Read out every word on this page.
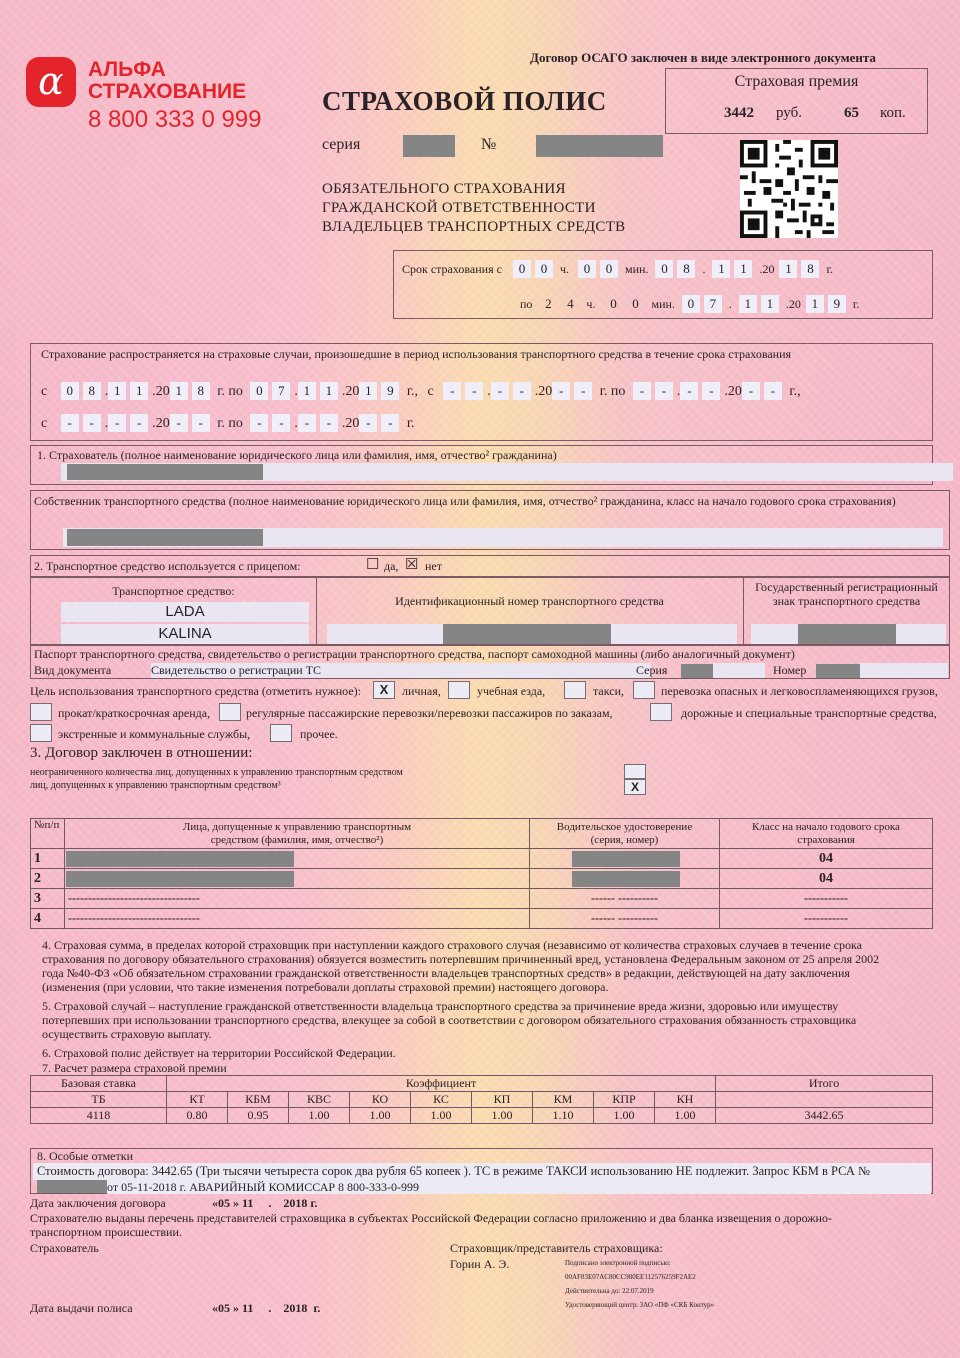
α АЛЬФА
СТРАХОВАНИЕ
8 800 333 0 999
Договор ОСАГО заключен в виде электронного документа
Страховая премия
3442 руб.	65 коп.
СТРАХОВОЙ ПОЛИС
серия	№
ОБЯЗАТЕЛЬНОГО СТРАХОВАНИЯ
ГРАЖДАНСКОЙ ОТВЕТСТВЕННОСТИ
ВЛАДЕЛЬЦЕВ ТРАНСПОРТНЫХ СРЕДСТВ
Срок страхования с 0 0 ч. 0 0 мин. 0 8 . 1 1 .20 1 8 г.
по 2 4 ч. 0 0 мин. 0 7 . 1 1 .20 1 9 г.
Страхование распространяется на страховые случаи, произошедшие в период использования транспортного средства в течение срока страхования
с 0 8 . 1 1 .20 1 8 г. по 0 7 . 1 1 .20 1 9 г., с - - . - - .20 - - г. по - - . - - .20 - - г.,
с - - . - - .20 - - г. по - - . - - .20 - - г.
1. Страхователь (полное наименование юридического лица или фамилия, имя, отчество² гражданина)
Собственник транспортного средства (полное наименование юридического лица или фамилия, имя, отчество² гражданина, класс на начало годового срока страхования)
2. Транспортное средство используется с прицепом:	☐ да, ☒ нет
Транспортное средство:
LADA
KALINA
Идентификационный номер транспортного средства
Государственный регистрационный знак транспортного средства
Паспорт транспортного средства, свидетельство о регистрации транспортного средства, паспорт самоходной машины (либо аналогичный документ)
Вид документа	Свидетельство о регистрации ТС	Серия	Номер
Цель использования транспортного средства (отметить нужное):	X	личная,	учебная езда,	такси,	перевозка опасных и легковоспламеняющихся грузов,
прокат/краткосрочная аренда,	регулярные пассажирские перевозки/перевозки пассажиров по заказам,	дорожные и специальные транспортные средства,
экстренные и коммунальные службы,	прочее.
3. Договор заключен в отношении:
неограниченного количества лиц, допущенных к управлению транспортным средством
лиц, допущенных к управлению транспортным средством³	X
№п/п	Лица, допущенные к управлению транспортным средством (фамилия, имя, отчество²)	Водительское удостоверение (серия, номер)	Класс на начало годового срока страхования
1			04
2			04
3	---------------------------------	------ ----------	-----------
4	---------------------------------	------ ----------	-----------
4. Страховая сумма, в пределах которой страховщик при наступлении каждого страхового случая (независимо от количества страховых случаев в течение срока страхования по договору обязательного страхования) обязуется возместить потерпевшим причиненный вред, установлена Федеральным законом от 25 апреля 2002 года №40-ФЗ «Об обязательном страховании гражданской ответственности владельцев транспортных средств» в редакции, действующей на дату заключения (изменения (при условии, что такие изменения потребовали доплаты страховой премии) настоящего договора.
5. Страховой случай – наступление гражданской ответственности владельца транспортного средства за причинение вреда жизни, здоровью или имуществу потерпевших при использовании транспортного средства, влекущее за собой в соответствии с договором обязательного страхования обязанность страховщика осуществить страховую выплату.
6. Страховой полис действует на территории Российской Федерации.
7. Расчет размера страховой премии
Базовая ставка	Коэффициент									Итого
ТБ	КТ	КБМ	КВС	КО	КС	КП	КМ	КПР	КН	
4118	0.80	0.95	1.00	1.00	1.00	1.00	1.10	1.00	1.00	3442.65
8. Особые отметки
Стоимость договора: 3442.65 (Три тысячи четыреста сорок два рубля 65 копеек ). ТС в режиме ТАКСИ использованию НЕ подлежит. Запрос КБМ в РСА №
от 05-11-2018 г. АВАРИЙНЫЙ КОМИССАР 8 800-333-0-999
Дата заключения договора	«05 » 11     .    2018 г.
Страхователю выданы перечень представителей страховщика в субъектах Российской Федерации согласно приложению и два бланка извещения о дорожно-транспортном происшествии.
Страхователь	Страховщик/представитель страховщика:
Горин А. Э.	Подписано электронной подписью:
00AF83E07AC80CC980EE112576259F2AE2
Действительна до: 22.07.2019
Удостоверяющий центр: ЗАО «ПФ «СКБ Контур»
Дата выдачи полиса	«05 » 11     .    2018  г.
